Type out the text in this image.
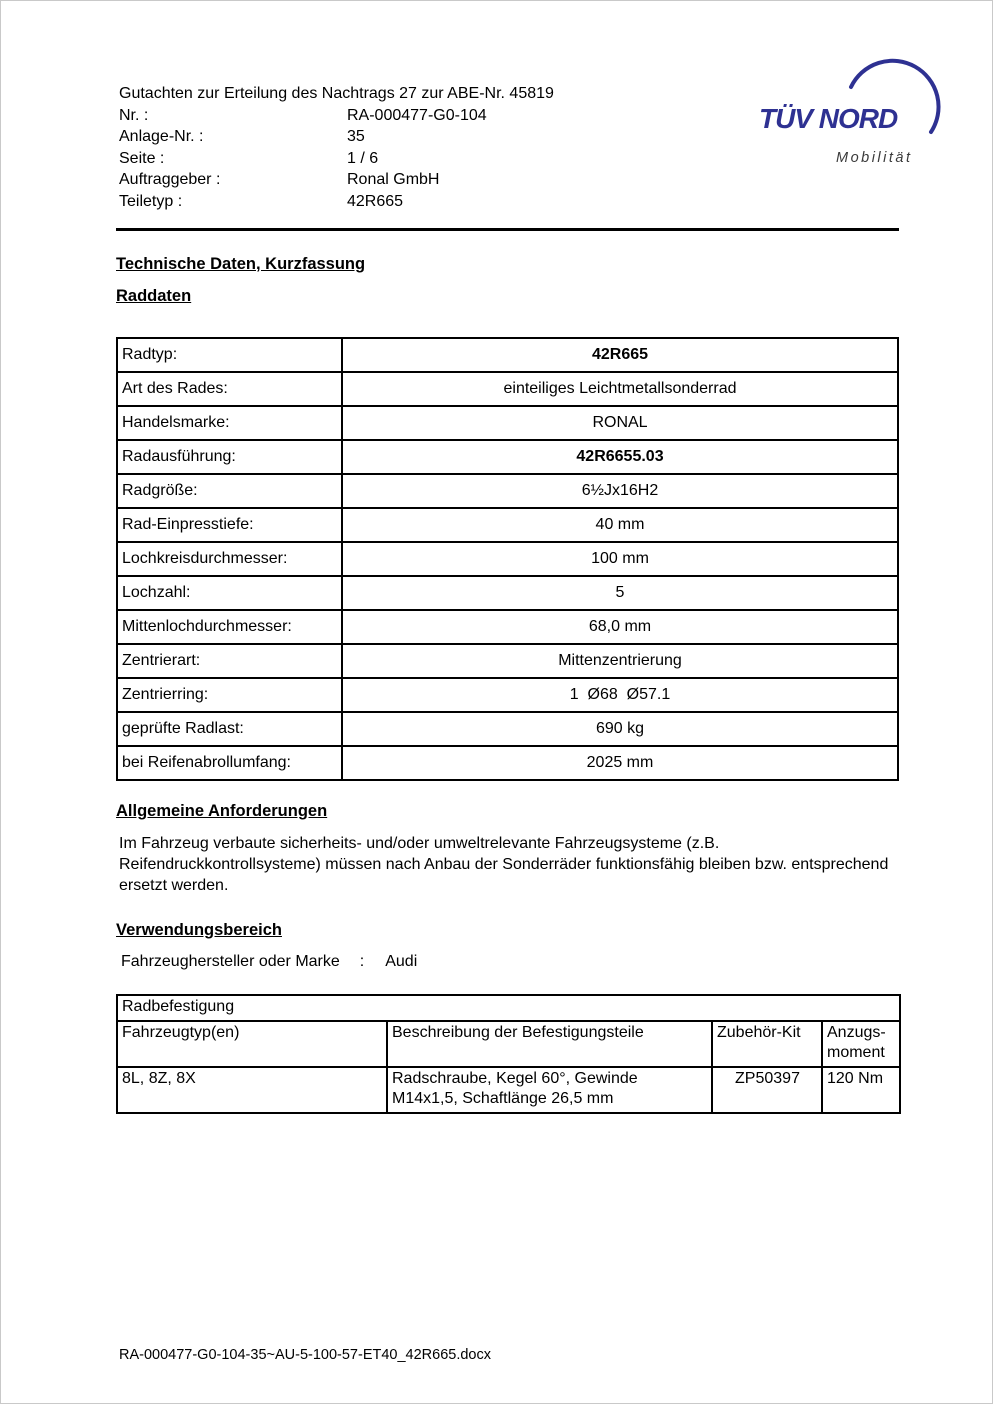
TÜV NORD
Mobilität
Gutachten zur Erteilung des Nachtrags 27 zur ABE-Nr. 45819
Nr. :	RA-000477-G0-104
Anlage-Nr. :	35
Seite :	1 / 6
Auftraggeber :	Ronal GmbH
Teiletyp :	42R665
Technische Daten, Kurzfassung
Raddaten
Radtyp:	42R665
Art des Rades:	einteiliges Leichtmetallsonderrad
Handelsmarke:	RONAL
Radausführung:	42R6655.03
Radgröße:	6½Jx16H2
Rad-Einpresstiefe:	40 mm
Lochkreisdurchmesser:	100 mm
Lochzahl:	5
Mittenlochdurchmesser:	68,0 mm
Zentrierart:	Mittenzentrierung
Zentrierring:	1  Ø68  Ø57.1
geprüfte Radlast:	690 kg
bei Reifenabrollumfang:	2025 mm
Allgemeine Anforderungen

Im Fahrzeug verbaute sicherheits- und/oder umweltrelevante Fahrzeugsysteme (z.B. Reifendruckkontrollsysteme) müssen nach Anbau der Sonderräder funktionsfähig bleiben bzw. entsprechend ersetzt werden.

Verwendungsbereich
Fahrzeughersteller oder Marke : Audi
Radbefestigung			
Fahrzeugtyp(en)	Beschreibung der Befestigungsteile	Zubehör-Kit	Anzugs-moment
8L, 8Z, 8X	Radschraube, Kegel 60°, Gewinde M14x1,5, Schaftlänge 26,5 mm	ZP50397	120 Nm
RA-000477-G0-104-35~AU-5-100-57-ET40_42R665.docx
